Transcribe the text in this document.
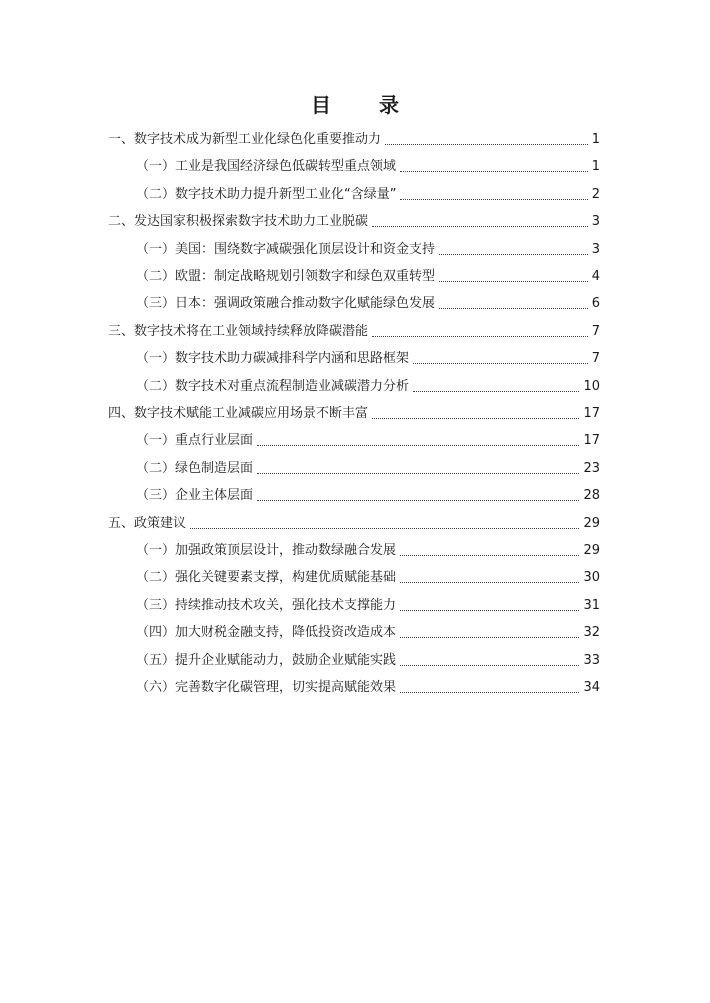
目　录
一、数字技术成为新型工业化绿色化重要推动力	1
（一）工业是我国经济绿色低碳转型重点领域	1
（二）数字技术助力提升新型工业化“含绿量”	2
二、发达国家积极探索数字技术助力工业脱碳	3
（一）美国：围绕数字减碳强化顶层设计和资金支持	3
（二）欧盟：制定战略规划引领数字和绿色双重转型	4
（三）日本：强调政策融合推动数字化赋能绿色发展	6
三、数字技术将在工业领域持续释放降碳潜能	7
（一）数字技术助力碳减排科学内涵和思路框架	7
（二）数字技术对重点流程制造业减碳潜力分析	10
四、数字技术赋能工业减碳应用场景不断丰富	17
（一）重点行业层面	17
（二）绿色制造层面	23
（三）企业主体层面	28
五、政策建议	29
（一）加强政策顶层设计，推动数绿融合发展	29
（二）强化关键要素支撑，构建优质赋能基础	30
（三）持续推动技术攻关，强化技术支撑能力	31
（四）加大财税金融支持，降低投资改造成本	32
（五）提升企业赋能动力，鼓励企业赋能实践	33
（六）完善数字化碳管理，切实提高赋能效果	34
